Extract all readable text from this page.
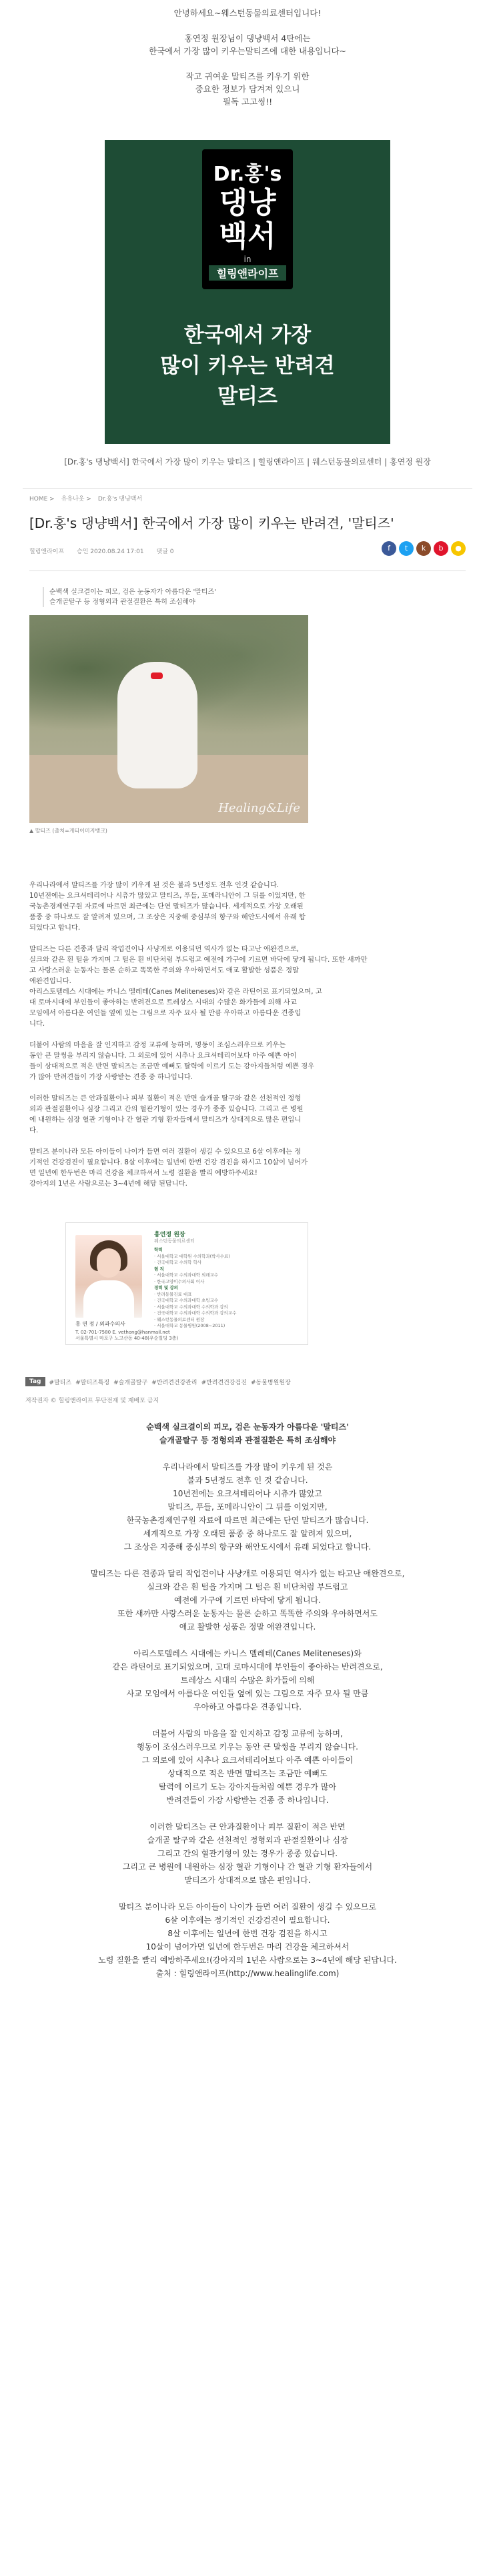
안녕하세요~웨스턴동물의료센터입니다!

홍연정 원장님이 댕냥백서 4탄에는

한국에서 가장 많이 키우는말티즈에 대한 내용입니다~

작고 귀여운 말티즈를 키우기 위한

중요한 정보가 담겨져 있으니

필독 고고씽!!

Dr.홍's
댕냥
백서
in
힐링앤라이프
한국에서 가장
많이 키우는 반려견
말티즈
[Dr.홍's 댕냥백서] 한국에서 가장 많이 키우는 말티즈 | 힐링앤라이프 | 웨스턴동물의료센터 | 홍연정 원장
HOME > 유유나웃 > Dr.홍's 댕냥백서
[Dr.홍's 댕냥백서] 한국에서 가장 많이 키우는 반려견, '말티즈'
힐링앤라이프 승인 2020.08.24 17:01 댓글 0	f	t	k	b	●

순백색 실크결이는 피모, 검은 눈동자가 아름다운 '말티즈'

슬개골탈구 등 정형외과 관절질환은 특히 조심해야

Healing&Life
▲ 말티즈 (출처=게티이미지뱅크)

우리나라에서 말티즈를 가장 많이 키우게 된 것은 불과 5년정도 전후 인것 같습니다.

10년전에는 요크셔테리어나 시츄가 많았고 말티즈, 푸들, 포메라니안이 그 뒤를 이었지만, 한

국농촌경제연구원 자료에 따르면 최근에는 단연 말티즈가 많습니다. 세계적으로 가장 오래된

품종 중 하나로도 잘 알려져 있으며, 그 조상은 지중해 중심부의 항구와 해안도시에서 유래 합

되었다고 합니다.

말티즈는 다른 견종과 달리 작업견이나 사냥개로 이용되던 역사가 없는 타고난 애완견으로,

실크와 같은 흰 털을 가지며 그 털은 흰 비단처럼 부드럽고 예전에 가구에 기르면 바닥에 닿게 됩니다. 또한 새까만

고 사랑스러운 눈동자는 물론 순하고 똑똑한 주의와 우아하면서도 애교 활발한 성품은 정말

애완견입니다.

아리스토텔레스 시대에는 카니스 멜레테(Canes Meliteneses)와 같은 라틴어로 표기되었으며, 고

대 로마시대에 부인들이 좋아하는 반려견으로 트레상스 시대의 수많은 화가들에 의해 사교

모임에서 아름다운 여인들 옆에 있는 그림으로 자주 묘사 될 만큼 우아하고 아름다운 견종입

니다.

더불어 사람의 마음을 잘 인지하고 감정 교류에 능하며, 명동이 조심스러우므로 키우는

동안 큰 말썽을 부리지 않습니다. 그 외로에 있어 시추나 요크셔테리어보다 아주 예쁜 아이

들이 상대적으로 적은 반면 말티즈는 조금만 예뻐도 탈력에 이르기 도는 강아지들처럼 예쁜 경우

가 많아 반려견들이 가장 사랑받는 견종 중 하나입니다.

이러한 말티즈는 큰 안과질환이나 피부 질환이 적은 반면 슬개골 탈구와 같은 선천적인 정형

외과 관절질환이나 심장 그리고 간의 혈관기형이 있는 경우가 종종 있습니다. 그리고 큰 병원

에 내원하는 심장 혈관 기형이나 간 혈관 기형 환자들에서 말티즈가 상대적으로 많은 편입니

다.

말티즈 분이나라 모든 아이들이 나이가 들면 여러 질환이 생길 수 있으므로 6살 이후에는 정

기적인 건강검진이 필요합니다. 8살 이후에는 일년에 한번 건강 검진을 하시고 10살이 넘어가

면 일년에 한두번은 마리 건강을 체크하셔서 노령 질환을 빨리 예방하주세요!

강아지의 1년은 사람으로는 3~4년에 해당 된답니다.

홍연정 원장
웨스턴동물의료센터
학력
· 서울대학교 대학원 수의학과(박사수료)
· 건국대학교 수의학 학사
현 직
· 서울대학교 수의과대학 외래교수
· 한국고양이수의사회 이사
경력 및 강의
· 반려동물진료 대표
· 건국대학교 수의과대학 초빙교수
· 서울대학교 수의과대학 수의학과 강의
· 건국대학교 수의과대학 수의학과 강의교수
· 웨스턴동물의료센터 원장
· 서울대학교 동물병원(2008~2011)
홍 연 정 / 외과수의사
T. 02-701-7580 E. vethong@hanmail.net
서울특별시 마포구 노고산동 40-48(우순빌딩 3층)
Tag	#말티즈 #말티즈특징 #슬개골탈구 #반려견건강관리 #반려견건강검진 #동물병원원장
저작권자 © 힐링앤라이프 무단전재 및 재배포 금지

순백색 실크결이의 피모, 검은 눈동자가 아름다운 '말티즈'

슬개골탈구 등 정형외과 관절질환은 특히 조심해야

우리나라에서 말티즈를 가장 많이 키우게 된 것은

불과 5년정도 전후 인 것 같습니다.

10년전에는 요크셔테리어나 시츄가 많았고

말티즈, 푸들, 포메라니안이 그 뒤를 이었지만,

한국농촌경제연구원 자료에 따르면 최근에는 단연 말티즈가 많습니다.

세계적으로 가장 오래된 품종 중 하나로도 잘 알려져 있으며,

그 조상은 지중해 중심부의 항구와 해안도시에서 유래 되었다고 합니다.

말티즈는 다른 견종과 달리 작업견이나 사냥개로 이용되던 역사가 없는 타고난 애완견으로,

실크와 같은 흰 털을 가지며 그 털은 흰 비단처럼 부드럽고

예전에 가구에 기르면 바닥에 닿게 됩니다.

또한 새까만 사랑스러운 눈동자는 물론 순하고 똑똑한 주의와 우아하면서도

애교 활발한 성품은 정말 애완견입니다.

아리스토텔레스 시대에는 카니스 멜레테(Canes Meliteneses)와

같은 라틴어로 표기되었으며, 고대 로마시대에 부인들이 좋아하는 반려견으로,

트레상스 시대의 수많은 화가들에 의해

사교 모임에서 아름다운 여인들 옆에 있는 그림으로 자주 묘사 될 만큼

우아하고 아름다운 견종입니다.

더불어 사람의 마음을 잘 인지하고 감정 교류에 능하며,

행동이 조심스러우므로 키우는 동안 큰 말썽을 부리지 않습니다.

그 외로에 있어 시추나 요크셔테리어보다 아주 예쁜 아이들이

상대적으로 적은 반면 말티즈는 조금만 예뻐도

탈력에 이르기 도는 강아지들처럼 예쁜 경우가 많아

반려견들이 가장 사랑받는 견종 중 하나입니다.

이러한 말티즈는 큰 안과질환이나 피부 질환이 적은 반면

슬개골 탈구와 같은 선천적인 정형외과 관절질환이나 심장

그리고 간의 혈관기형이 있는 경우가 종종 있습니다.

그리고 큰 병원에 내원하는 심장 혈관 기형이나 간 혈관 기형 환자들에서

말티즈가 상대적으로 많은 편입니다.

말티즈 분이나라 모든 아이들이 나이가 들면 여러 질환이 생길 수 있으므로

6살 이후에는 정기적인 건강검진이 필요합니다.

8살 이후에는 일년에 한번 건강 검진을 하시고

10살이 넘어가면 일년에 한두번은 마리 건강을 체크하셔서

노령 질환을 빨리 예방하주세요!(강아지의 1년은 사람으로는 3~4년에 해당 된답니다.

출처 : 힐링앤라이프(http://www.healinglife.com)
